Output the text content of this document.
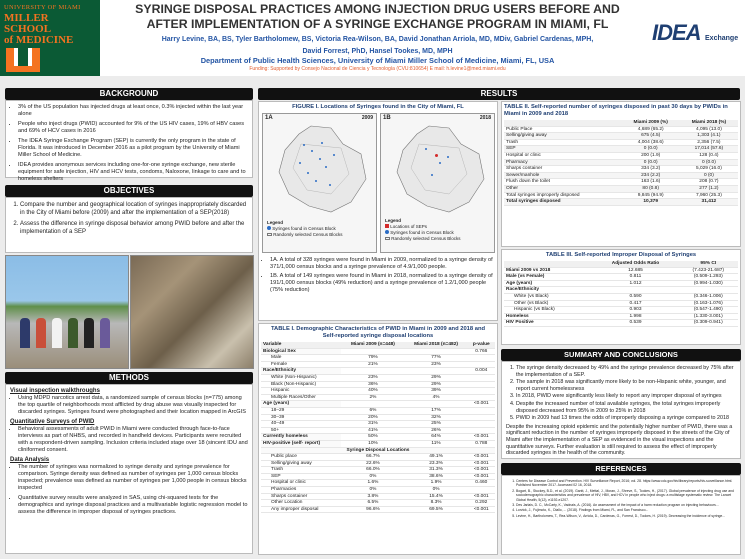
UNIVERSITY OF MIAMI
MILLER SCHOOL
of MEDICINE
SYRINGE DISPOSAL PRACTICES AMONG INJECTION DRUG USERS BEFORE AND
AFTER IMPLEMENTATION OF A SYRINGE EXCHANGE PROGRAM IN MIAMI, FL
Harry Levine, BA, BS, Tyler Bartholomew, BS, Victoria Rea-Wilson, BA, David Jonathan Arriola, MD, MDiv, Gabriel Cardenas, MPH,
David Forrest, PhD, Hansel Tookes, MD, MPH
Department of Public Health Sciences, University of Miami Miller School of Medicine, Miami, FL, USA
Funding: Supported by Consejo Nacional de Ciencia y Tecnología (CVU:810654) E mail: h.levine1@med.miami.edu
IDEA Exchange
BACKGROUND
• 3% of the US population has injected drugs at least once, 0.3% injected within the last year alone
• People who inject drugs (PWID) accounted for 9% of the US HIV cases, 19% of HBV cases and 69% of HCV cases in 2016
• The IDEA Syringe Exchange Program (SEP) is currently the only program in the state of Florida. It was introduced in December 2016 as a pilot program by the University of Miami Miller School of Medicine.
• IDEA provides anonymous services including one-for-one syringe exchange, new sterile equipment for safe injection, HIV and HCV tests, condoms, Naloxone, linkage to care and to homeless shelters
OBJECTIVES
1. Compare the number and geographical location of syringes inappropriately discarded in the City of Miami before (2009) and after the implementation of a SEP(2018)
2. Assess the difference in syringe disposal behavior among PWID before and after the implementation of a SEP
METHODS
Visual inspection walkthroughs
• Using MDPD narcotics arrest data, a randomized sample of census blocks (n=775) among the top quartile of neighborhoods most afflicted by drug abuse was visually inspected for discarded syringes. Syringes found were photographed and their location mapped in ArcGIS
Quantitative Surveys of PWID
• Behavioral assessments of adult PWID in Miami were conducted through face-to-face interviews as part of NHBS, and recorded in handheld devices. Participants were recruited with a respondent-driven sampling. Inclusion criteria included stage over 18 (sincent IDU and cliniformed consent.
Data Analysis
• The number of syringes was normalized to syringe density and syringe prevalence for comparison. Syringe density was defined as number of syringes per 1,000 census blocks inspected; prevalence was defined as number of syringes per 1,000 people in census blocks inspected
• Quantitative survey results were analyzed in SAS, using chi-squared tests for the demographics and syringe disposal practices and a multivariable logistic regression model to assess the difference in improper disposal of syringes practices.
RESULTS
FIGURE I. Locations of Syringes found in the City of Miami, FL
1A	2009
Legend
Syringes found in Census Block
Randomly selected Census Blocks
1B	2018
Legend
Locations of SEPs
Syringes found in Census Block
Randomly selected Census Blocks
• 1A. A total of 328 syringes were found in Miami in 2009, normalized to a syringe density of 371/1,000 census blocks and a syringe prevalence of 4.9/1,000 people.
• 1B. A total of 149 syringes were found in Miami in 2018, normalized to a syringe density of 191/1,000 census blocks (49% reduction) and a syringe prevalence of 1.2/1,000 people (75% reduction)
TABLE I. Demographic Characteristics of PWID in Miami in 2009 and 2018 and
Self-reported syringe disposal locations
Variable	Miami 2009 (n=448)	Miami 2018 (n=482)	p-value
Biological Sex			0.766
Male	79%	77%	
Female	21%	23%	
Race/Ethnicity			0.004
White (Non-Hispanic)	23%	29%	
Black (Non-Hispanic)	36%	29%	
Hispanic	40%	39%	
Multiple Races/Other	2%	4%	
Age (years)			<0.001
18–29	6%	17%	
30–39	20%	32%	
40–49	31%	25%	
50+	41%	26%	
Currently homeless	50%	64%	<0.001
HIV-positive (self- report)	10%	11%	0.788
Syringe Disposal Locations			
Public place	66.7%	49.1%	<0.001
Selling/giving away	22.6%	23.3%	<0.001
Trash	66.0%	31.3%	<0.001
SEP	0%	38.6%	<0.001
Hospital or clinic	1.6%	1.9%	0.460
Pharmacies	0%	0%	
Sharps container	3.8%	15.4%	<0.001
Other Location	6.5%	8.3%	0.292
Any improper disposal	96.6%	69.5%	<0.001
TABLE II. Self-reported number of syringes disposed in past 30 days by PWIDs in Miami in 2009 and 2018
	Miami 2009 (%)	Miami 2018 (%)
Public Place	4,689 (65.2)	4,095 (13.0)
Selling/giving away	675 (4.5)	1,303 (4.1)
Trash	4,004 (38.6)	2,356 (7.5)
SEP	0 (0.0)	17,014 (57.6)
Hospital or clinic	200 (1.9)	128 (0.4)
Pharmacy	0 (0.0)	0 (0.0)
Sharps container	334 (3.2)	5,029 (16.0)
Sewer/manhole	234 (2.2)	0 (0)
Flush down the toilet	163 (1.6)	208 (0.7)
Other	80 (0.8)	277 (1.2)
Total syringes improperly disposed	9,845 (94.9)	7,960 (25.3)
Total syringes disposed	10,379	31,412
TABLE III. Self-reported Improper Disposal of Syringes
	Adjusted Odds Ratio	95% CI
Miami 2009 vs 2018	12.685	(7.423-21.687)
Male (vs Female)	0.811	(0.509-1.293)
Age (years)	1.012	(0.994-1.030)
Race/Ethnicity		
White (vs Black)	0.590	(0.346-1.006)
Other (vs Black)	0.417	(0.163-1.076)
Hispanic (vs Black)	0.903	(0.547-1.490)
Homeless	1.998	(1.330-3.001)
HIV Positive	0.539	(0.309-0.941)
SUMMARY AND CONCLUSIONS
1. The syringe density decreased by 49% and the syringe prevalence decreased by 75% after the implementation of a SEP.
2. The sample in 2018 was significantly more likely to be non-Hispanic white, younger, and report current homelessness
3. In 2018, PWID were significantly less likely to report any improper disposal of syringes
4. Despite the increased number of total available syringes, the total syringes improperly disposed decreased from 95% in 2009 to 25% in 2018
5. PWID in 2009 had 13 times the odds of improperly disposing a syringe compared to 2018

Despite the increasing opioid epidemic and the potentially higher number of PWID, there was a significant reduction in the number of syringes improperly disposed in the streets of the City of Miami after the implementation of a SEP as evidenced in the visual inspections and the quantitative surveys. Further evaluation is still required to assess the effect of improperly discarded syringes in the health of the community.

REFERENCES
1. Centers for Disease Control and Prevention. HIV Surveillance Report, 2016; vol. 28. https://www.cdc.gov/hiv/library/reports/hiv-surveillance.html. Published November 2017. Accessed 02 16, 2018.
2. Bogart, B., Stuckey, B.D., et al. (2019). Gantt, J., Mettal, J., Moran, J., Shreve, S., Tookes, H., (2017). Global prevalence of injecting drug use and sociodemographic characteristics and prevalence of HIV, HBV, and HCV in people who inject drugs: a multistage systematic review. The Lancet Global Health, 5(12), e1192-e1207.
3. Des Jarlais, D. C., McCarty, K., Vadnais, A. (2016). An assessment of the impact of a harm reduction program on injecting behaviours...
4. Lorvick, J., Fujimoto, K., Diallo, ... (2018). Findings from Miami, FL, and San Francisco...
5. Levine, H., Bartholomew, T., Rea-Wilson, V., Arriola, D., Cardenas, G., Forrest, D., Tookes, H. (2019). Decreasing the incidence of syringe...
